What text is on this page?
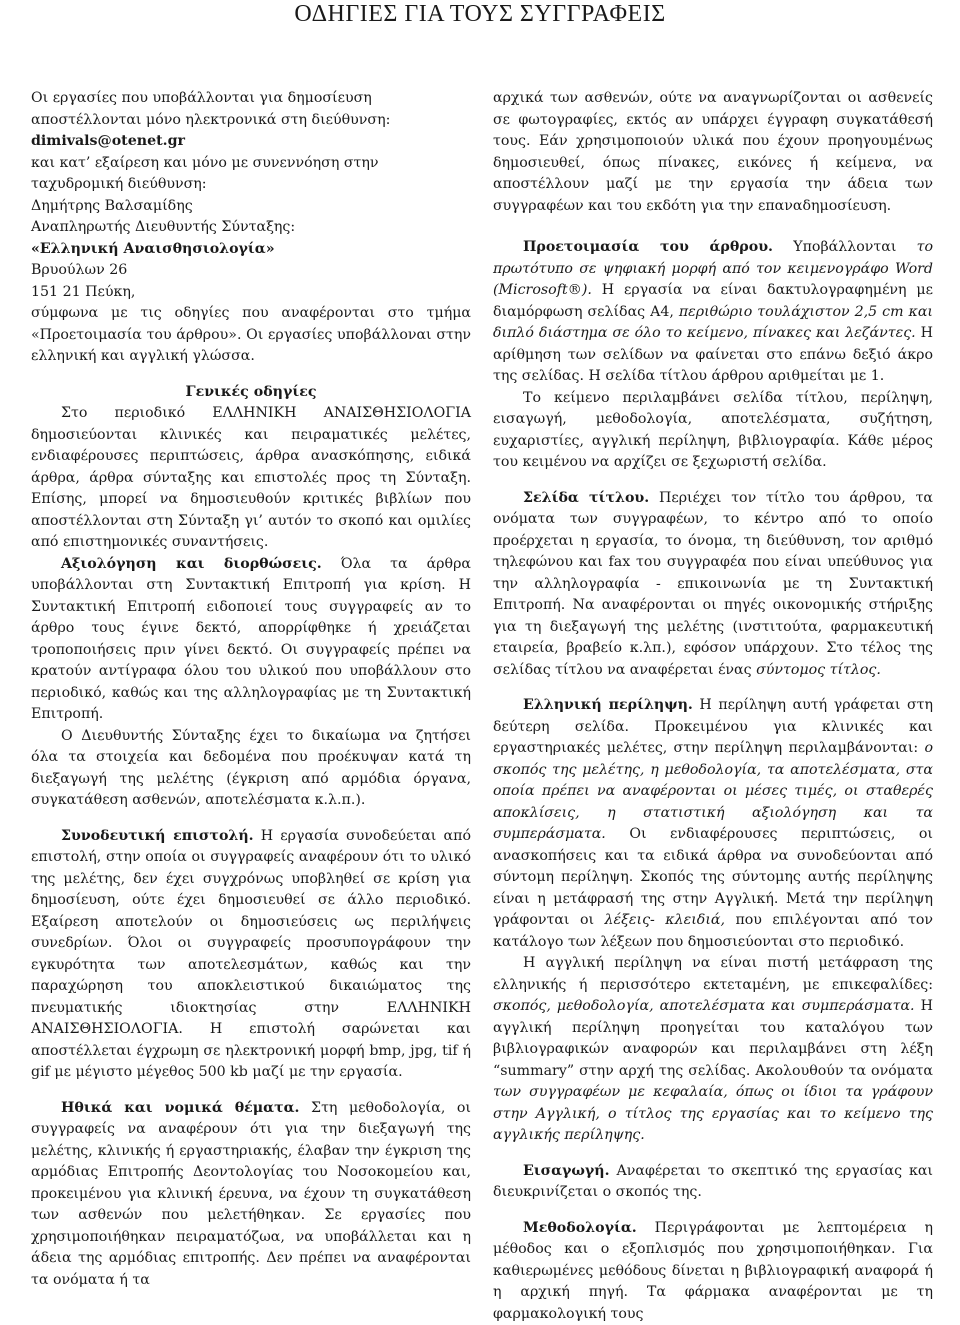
ΟΔΗΓΙΕΣ ΓΙΑ ΤΟΥΣ ΣΥΓΓΡΑΦΕΙΣ

Οι εργασίες που υποβάλλονται για δημοσίευση αποστέλλονται μόνο ηλεκτρονικά στη διεύθυνση:

dimivals@otenet.gr

και κατ’ εξαίρεση και μόνο με συνεννόηση στην ταχυδρομική διεύθυνση:

Δημήτρης Βαλσαμίδης

Αναπληρωτής Διευθυντής Σύνταξης:

«Ελληνική Αναισθησιολογία»

Βρυούλων 26

151 21 Πεύκη,

σύμφωνα με τις οδηγίες που αναφέρονται στο τμήμα «Προετοιμασία του άρθρου». Οι εργασίες υποβάλλοναι στην ελληνική και αγγλική γλώσσα.

Γενικές οδηγίες

Στο περιοδικό ΕΛΛΗΝΙΚΗ ΑΝΑΙΣΘΗΣΙΟΛΟΓΙΑ δημοσιεύονται κλινικές και πειραματικές μελέτες, ενδιαφέρουσες περιπτώσεις, άρθρα ανασκόπησης, ειδικά άρθρα, άρθρα σύνταξης και επιστολές προς τη Σύνταξη. Επίσης, μπορεί να δημοσιευθούν κριτικές βιβλίων που αποστέλλονται στη Σύνταξη γι’ αυτόν το σκοπό και ομιλίες από επιστημονικές συναντήσεις.

Αξιολόγηση και διορθώσεις. Όλα τα άρθρα υποβάλλονται στη Συντακτική Επιτροπή για κρίση. Η Συντακτική Επιτροπή ειδοποιεί τους συγγραφείς αν το άρθρο τους έγινε δεκτό, απορρίφθηκε ή χρειάζεται τροποποιήσεις πριν γίνει δεκτό. Οι συγγραφείς πρέπει να κρατούν αντίγραφα όλου του υλικού που υποβάλλουν στο περιοδικό, καθώς και της αλληλογραφίας με τη Συντακτική Επιτροπή.

Ο Διευθυντής Σύνταξης έχει το δικαίωμα να ζητήσει όλα τα στοιχεία και δεδομένα που προέκυψαν κατά τη διεξαγωγή της μελέτης (έγκριση από αρμόδια όργανα, συγκατάθεση ασθενών, αποτελέσματα κ.λ.π.).

Συνοδευτική επιστολή. Η εργασία συνοδεύεται από επιστολή, στην οποία οι συγγραφείς αναφέρουν ότι το υλικό της μελέτης, δεν έχει συγχρόνως υποβληθεί σε κρίση για δημοσίευση, ούτε έχει δημοσιευθεί σε άλλο περιοδικό. Εξαίρεση αποτελούν οι δημοσιεύσεις ως περιλήψεις συνεδρίων. Όλοι οι συγγραφείς προσυπογράφουν την εγκυρότητα των αποτελεσμάτων, καθώς και την παραχώρηση του αποκλειστικού δικαιώματος της πνευματικής ιδιοκτησίας στην ΕΛΛΗΝΙΚΗ ΑΝΑΙΣΘΗΣΙΟΛΟΓΙΑ. Η επιστολή σαρώνεται και αποστέλλεται έγχρωμη σε ηλεκτρονική μορφή bmp, jpg, tif ή gif με μέγιστο μέγεθος 500 kb μαζί με την εργασία.

Ηθικά και νομικά θέματα. Στη μεθοδολογία, οι συγγραφείς να αναφέρουν ότι για την διεξαγωγή της μελέτης, κλινικής ή εργαστηριακής, έλαβαν την έγκριση της αρμόδιας Επιτροπής Δεοντολογίας του Νοσοκομείου και, προκειμένου για κλινική έρευνα, να έχουν τη συγκατάθεση των ασθενών που μελετήθηκαν. Σε εργασίες που χρησιμοποιήθηκαν πειραματόζωα, να υποβάλλεται και η άδεια της αρμόδιας επιτροπής. Δεν πρέπει να αναφέρονται τα ονόματα ή τα

αρχικά των ασθενών, ούτε να αναγνωρίζονται οι ασθενείς σε φωτογραφίες, εκτός αν υπάρχει έγγραφη συγκατάθεσή τους. Εάν χρησιμοποιούν υλικά που έχουν προηγουμένως δημοσιευθεί, όπως πίνακες, εικόνες ή κείμενα, να αποστέλλουν μαζί με την εργασία την άδεια των συγγραφέων και του εκδότη για την επαναδημοσίευση.

Προετοιμασία του άρθρου. Υποβάλλονται το πρωτότυπο σε ψηφιακή μορφή από τον κειμενογράφο Word (Microsoft®). Η εργασία να είναι δακτυλογραφημένη με διαμόρφωση σελίδας Α4, περιθώριο τουλάχιστον 2,5 cm και διπλό διάστημα σε όλο το κείμενο, πίνακες και λεζάντες. Η αρίθμηση των σελίδων να φαίνεται στο επάνω δεξιό άκρο της σελίδας. Η σελίδα τίτλου άρθρου αριθμείται με 1.

Το κείμενο περιλαμβάνει σελίδα τίτλου, περίληψη, εισαγωγή, μεθοδολογία, αποτελέσματα, συζήτηση, ευχαριστίες, αγγλική περίληψη, βιβλιογραφία. Κάθε μέρος του κειμένου να αρχίζει σε ξεχωριστή σελίδα.

Σελίδα τίτλου. Περιέχει τον τίτλο του άρθρου, τα ονόματα των συγγραφέων, το κέντρο από το οποίο προέρχεται η εργασία, το όνομα, τη διεύθυνση, τον αριθμό τηλεφώνου και fax του συγγραφέα που είναι υπεύθυνος για την αλληλογραφία - επικοινωνία με τη Συντακτική Επιτροπή. Να αναφέρονται οι πηγές οικονομικής στήριξης για τη διεξαγωγή της μελέτης (ινστιτούτα, φαρμακευτική εταιρεία, βραβείο κ.λπ.), εφόσον υπάρχουν. Στο τέλος της σελίδας τίτλου να αναφέρεται ένας σύντομος τίτλος.

Ελληνική περίληψη. Η περίληψη αυτή γράφεται στη δεύτερη σελίδα. Προκειμένου για κλινικές και εργαστηριακές μελέτες, στην περίληψη περιλαμβάνονται: ο σκοπός της μελέτης, η μεθοδολογία, τα αποτελέσματα, στα οποία πρέπει να αναφέρονται οι μέσες τιμές, οι σταθερές αποκλίσεις, η στατιστική αξιολόγηση και τα συμπεράσματα. Οι ενδιαφέρουσες περιπτώσεις, οι ανασκοπήσεις και τα ειδικά άρθρα να συνοδεύονται από σύντομη περίληψη. Σκοπός της σύντομης αυτής περίληψης είναι η μετάφρασή της στην Αγγλική. Μετά την περίληψη γράφονται οι λέξεις- κλειδιά, που επιλέγονται από τον κατάλογο των λέξεων που δημοσιεύονται στο περιοδικό.

Η αγγλική περίληψη να είναι πιστή μετάφραση της ελληνικής ή περισσότερο εκτεταμένη, με επικεφαλίδες: σκοπός, μεθοδολογία, αποτελέσματα και συμπεράσματα. Η αγγλική περίληψη προηγείται του καταλόγου των βιβλιογραφικών αναφορών και περιλαμβάνει στη λέξη “summary” στην αρχή της σελίδας. Ακολουθούν τα ονόματα των συγγραφέων με κεφαλαία, όπως οι ίδιοι τα γράφουν στην Αγγλική, ο τίτλος της εργασίας και το κείμενο της αγγλικής περίληψης.

Εισαγωγή. Αναφέρεται το σκεπτικό της εργασίας και διευκρινίζεται ο σκοπός της.

Μεθοδολογία. Περιγράφονται με λεπτομέρεια η μέθοδος και ο εξοπλισμός που χρησιμοποιήθηκαν. Για καθιερωμένες μεθόδους δίνεται η βιβλιογραφική αναφορά ή η αρχική πηγή. Τα φάρμακα αναφέρονται με τη φαρμακολογική τους
